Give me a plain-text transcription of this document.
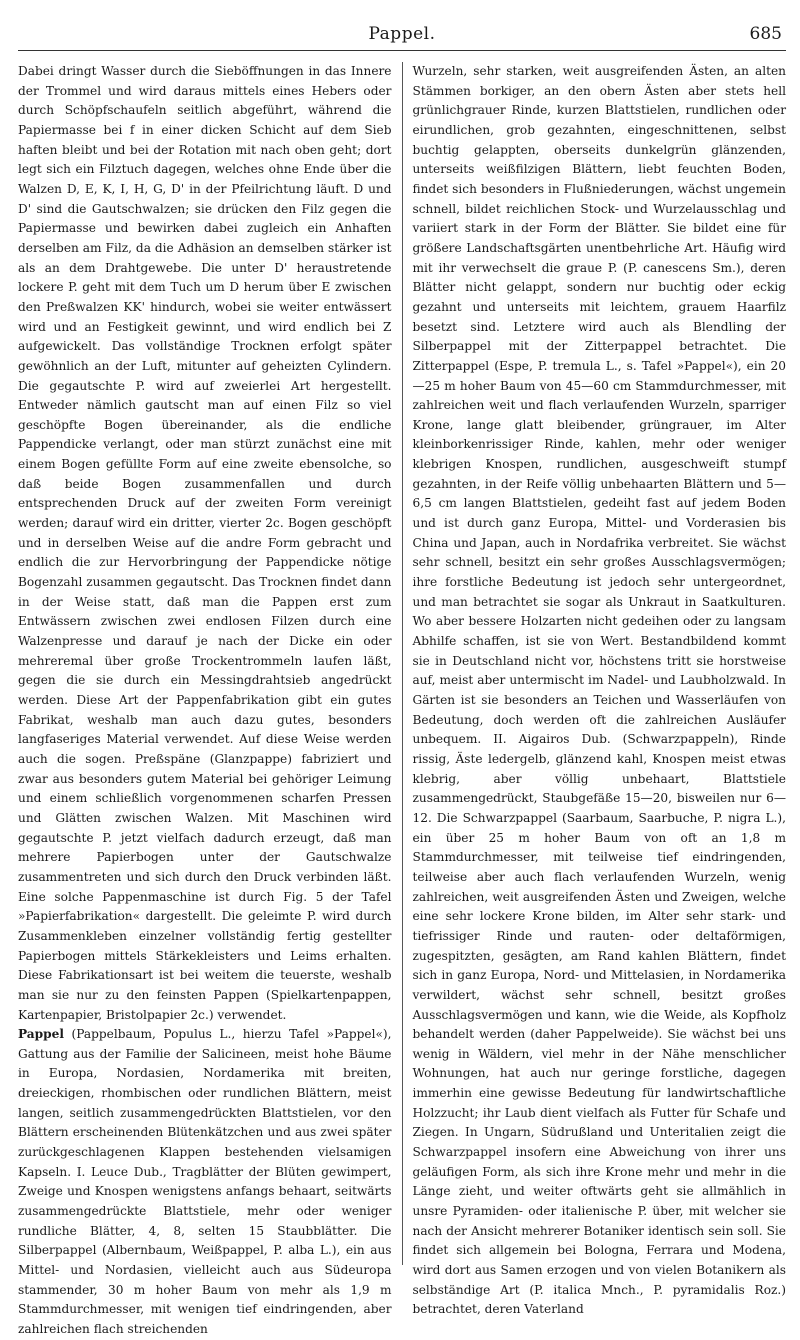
Pappel.	685

Dabei dringt Wasser durch die Sieböffnungen in das Innere der Trommel und wird daraus mittels eines Hebers oder durch Schöpfschaufeln seitlich abgeführt, während die Papiermasse bei f in einer dicken Schicht auf dem Sieb haften bleibt und bei der Rotation mit nach oben geht; dort legt sich ein Filztuch dagegen, welches ohne Ende über die Walzen D, E, K, I, H, G, D' in der Pfeilrichtung läuft. D und D' sind die Gautschwalzen; sie drücken den Filz gegen die Papiermasse und bewirken dabei zugleich ein Anhaften derselben am Filz, da die Adhäsion an demselben stärker ist als an dem Drahtgewebe. Die unter D' heraustretende lockere P. geht mit dem Tuch um D herum über E zwischen den Preßwalzen KK' hindurch, wobei sie weiter entwässert wird und an Festigkeit gewinnt, und wird endlich bei Z aufgewickelt. Das vollständige Trocknen erfolgt später gewöhnlich an der Luft, mitunter auf geheizten Cylindern. Die gegautschte P. wird auf zweierlei Art hergestellt. Entweder nämlich gautscht man auf einen Filz so viel geschöpfte Bogen übereinander, als die endliche Pappendicke verlangt, oder man stürzt zunächst eine mit einem Bogen gefüllte Form auf eine zweite ebensolche, so daß beide Bogen zusammenfallen und durch entsprechenden Druck auf der zweiten Form vereinigt werden; darauf wird ein dritter, vierter 2c. Bogen geschöpft und in derselben Weise auf die andre Form gebracht und endlich die zur Hervorbringung der Pappendicke nötige Bogenzahl zusammen gegautscht. Das Trocknen findet dann in der Weise statt, daß man die Pappen erst zum Entwässern zwischen zwei endlosen Filzen durch eine Walzenpresse und darauf je nach der Dicke ein oder mehreremal über große Trockentrommeln laufen läßt, gegen die sie durch ein Messingdrahtsieb angedrückt werden. Diese Art der Pappenfabrikation gibt ein gutes Fabrikat, weshalb man auch dazu gutes, besonders langfaseriges Material verwendet. Auf diese Weise werden auch die sogen. Preßspäne (Glanzpappe) fabriziert und zwar aus besonders gutem Material bei gehöriger Leimung und einem schließlich vorgenommenen scharfen Pressen und Glätten zwischen Walzen. Mit Maschinen wird gegautschte P. jetzt vielfach dadurch erzeugt, daß man mehrere Papierbogen unter der Gautschwalze zusammentreten und sich durch den Druck verbinden läßt. Eine solche Pappenmaschine ist durch Fig. 5 der Tafel »Papierfabrikation« dargestellt. Die geleimte P. wird durch Zusammenkleben einzelner vollständig fertig gestellter Papierbogen mittels Stärkekleisters und Leims erhalten. Diese Fabrikationsart ist bei weitem die teuerste, weshalb man sie nur zu den feinsten Pappen (Spielkartenpappen, Kartenpapier, Bristolpapier 2c.) verwendet.

Pappel (Pappelbaum, Populus L., hierzu Tafel »Pappel«), Gattung aus der Familie der Salicineen, meist hohe Bäume in Europa, Nordasien, Nordamerika mit breiten, dreieckigen, rhombischen oder rundlichen Blättern, meist langen, seitlich zusammengedrückten Blattstielen, vor den Blättern erscheinenden Blütenkätzchen und aus zwei später zurückgeschlagenen Klappen bestehenden vielsamigen Kapseln. I. Leuce Dub., Tragblätter der Blüten gewimpert, Zweige und Knospen wenigstens anfangs behaart, seitwärts zusammengedrückte Blattstiele, mehr oder weniger rundliche Blätter, 4, 8, selten 15 Staubblätter. Die Silberpappel (Albernbaum, Weißpappel, P. alba L.), ein aus Mittel- und Nordasien, vielleicht auch aus Südeuropa stammender, 30 m hoher Baum von mehr als 1,9 m Stammdurchmesser, mit wenigen tief eindringenden, aber zahlreichen flach streichenden

Wurzeln, sehr starken, weit ausgreifenden Ästen, an alten Stämmen borkiger, an den obern Ästen aber stets hell grünlichgrauer Rinde, kurzen Blattstielen, rundlichen oder eirundlichen, grob gezahnten, eingeschnittenen, selbst buchtig gelappten, oberseits dunkelgrün glänzenden, unterseits weißfilzigen Blättern, liebt feuchten Boden, findet sich besonders in Flußniederungen, wächst ungemein schnell, bildet reichlichen Stock- und Wurzelausschlag und variiert stark in der Form der Blätter. Sie bildet eine für größere Landschaftsgärten unentbehrliche Art. Häufig wird mit ihr verwechselt die graue P. (P. canescens Sm.), deren Blätter nicht gelappt, sondern nur buchtig oder eckig gezahnt und unterseits mit leichtem, grauem Haarfilz besetzt sind. Letztere wird auch als Blendling der Silberpappel mit der Zitterpappel betrachtet. Die Zitterpappel (Espe, P. tremula L., s. Tafel »Pappel«), ein 20—25 m hoher Baum von 45—60 cm Stammdurchmesser, mit zahlreichen weit und flach verlaufenden Wurzeln, sparriger Krone, lange glatt bleibender, grüngrauer, im Alter kleinborkenrissiger Rinde, kahlen, mehr oder weniger klebrigen Knospen, rundlichen, ausgeschweift stumpf gezahnten, in der Reife völlig unbehaarten Blättern und 5—6,5 cm langen Blattstielen, gedeiht fast auf jedem Boden und ist durch ganz Europa, Mittel- und Vorderasien bis China und Japan, auch in Nordafrika verbreitet. Sie wächst sehr schnell, besitzt ein sehr großes Ausschlagsvermögen; ihre forstliche Bedeutung ist jedoch sehr untergeordnet, und man betrachtet sie sogar als Unkraut in Saatkulturen. Wo aber bessere Holzarten nicht gedeihen oder zu langsam Abhilfe schaffen, ist sie von Wert. Bestandbildend kommt sie in Deutschland nicht vor, höchstens tritt sie horstweise auf, meist aber untermischt im Nadel- und Laubholzwald. In Gärten ist sie besonders an Teichen und Wasserläufen von Bedeutung, doch werden oft die zahlreichen Ausläufer unbequem. II. Aigairos Dub. (Schwarzpappeln), Rinde rissig, Äste ledergelb, glänzend kahl, Knospen meist etwas klebrig, aber völlig unbehaart, Blattstiele zusammengedrückt, Staubgefäße 15—20, bisweilen nur 6—12. Die Schwarzpappel (Saarbaum, Saarbuche, P. nigra L.), ein über 25 m hoher Baum von oft an 1,8 m Stammdurchmesser, mit teilweise tief eindringenden, teilweise aber auch flach verlaufenden Wurzeln, wenig zahlreichen, weit ausgreifenden Ästen und Zweigen, welche eine sehr lockere Krone bilden, im Alter sehr stark- und tiefrissiger Rinde und rauten- oder deltaförmigen, zugespitzten, gesägten, am Rand kahlen Blättern, findet sich in ganz Europa, Nord- und Mittelasien, in Nordamerika verwildert, wächst sehr schnell, besitzt großes Ausschlagsvermögen und kann, wie die Weide, als Kopfholz behandelt werden (daher Pappelweide). Sie wächst bei uns wenig in Wäldern, viel mehr in der Nähe menschlicher Wohnungen, hat auch nur geringe forstliche, dagegen immerhin eine gewisse Bedeutung für landwirtschaftliche Holzzucht; ihr Laub dient vielfach als Futter für Schafe und Ziegen. In Ungarn, Südrußland und Unteritalien zeigt die Schwarzpappel insofern eine Abweichung von ihrer uns geläufigen Form, als sich ihre Krone mehr und mehr in die Länge zieht, und weiter oftwärts geht sie allmählich in unsre Pyramiden- oder italienische P. über, mit welcher sie nach der Ansicht mehrerer Botaniker identisch sein soll. Sie findet sich allgemein bei Bologna, Ferrara und Modena, wird dort aus Samen erzogen und von vielen Botanikern als selbständige Art (P. italica Mnch., P. pyramidalis Roz.) betrachtet, deren Vaterland
